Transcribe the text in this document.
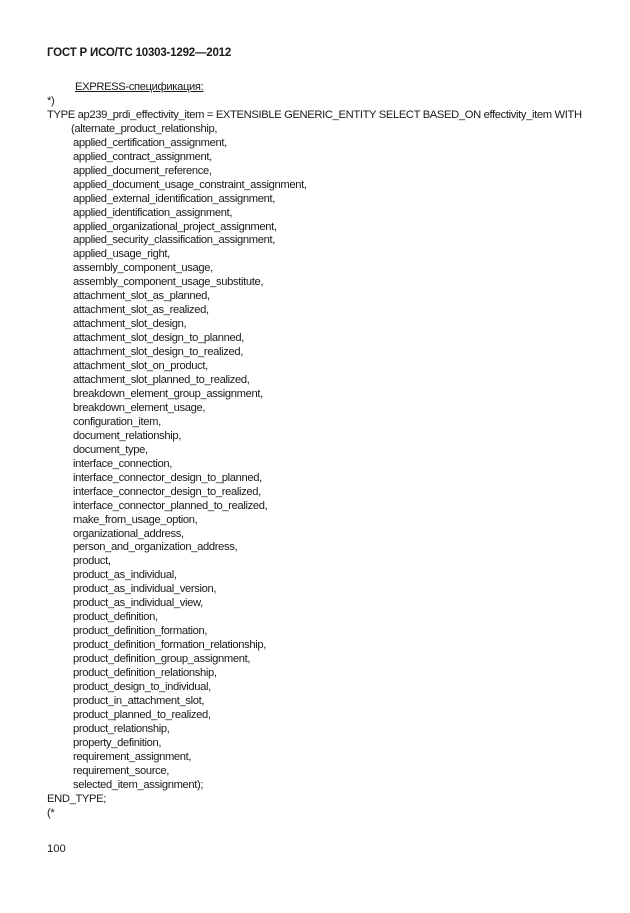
ГОСТ Р ИСО/ТС 10303-1292—2012
EXPRESS-спецификация:
*)
TYPE ap239_prdi_effectivity_item = EXTENSIBLE GENERIC_ENTITY SELECT BASED_ON effectivity_item WITH
(alternate_product_relationship,
applied_certification_assignment,
applied_contract_assignment,
applied_document_reference,
applied_document_usage_constraint_assignment,
applied_external_identification_assignment,
applied_identification_assignment,
applied_organizational_project_assignment,
applied_security_classification_assignment,
applied_usage_right,
assembly_component_usage,
assembly_component_usage_substitute,
attachment_slot_as_planned,
attachment_slot_as_realized,
attachment_slot_design,
attachment_slot_design_to_planned,
attachment_slot_design_to_realized,
attachment_slot_on_product,
attachment_slot_planned_to_realized,
breakdown_element_group_assignment,
breakdown_element_usage,
configuration_item,
document_relationship,
document_type,
interface_connection,
interface_connector_design_to_planned,
interface_connector_design_to_realized,
interface_connector_planned_to_realized,
make_from_usage_option,
organizational_address,
person_and_organization_address,
product,
product_as_individual,
product_as_individual_version,
product_as_individual_view,
product_definition,
product_definition_formation,
product_definition_formation_relationship,
product_definition_group_assignment,
product_definition_relationship,
product_design_to_individual,
product_in_attachment_slot,
product_planned_to_realized,
product_relationship,
property_definition,
requirement_assignment,
requirement_source,
selected_item_assignment);
END_TYPE;
(*
100
